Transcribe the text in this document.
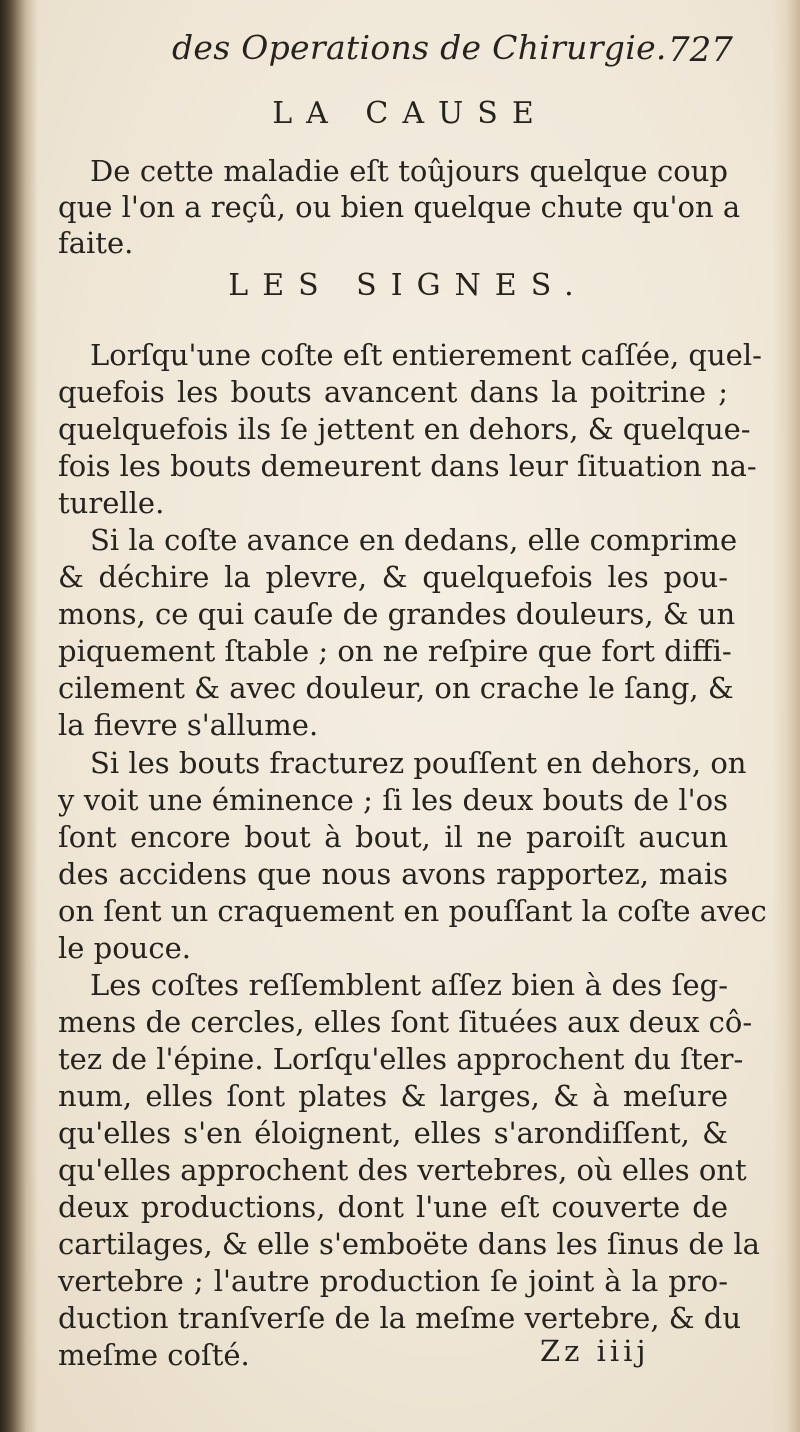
des Operations de Chirurgie. 727
LA CAUSE
De cette maladie eſt toûjours quelque coup
que l'on a reçû, ou bien quelque chute qu'on a
faite.
LES SIGNES.
Lorſqu'une coſte eſt entierement caſſée, quel-
quefois les bouts avancent dans la poitrine ;
quelquefois ils ſe jettent en dehors, & quelque-
fois les bouts demeurent dans leur ſituation na-
turelle.
Si la coſte avance en dedans, elle comprime
& déchire la plevre, & quelquefois les pou-
mons, ce qui cauſe de grandes douleurs, & un
piquement ſtable ; on ne reſpire que fort diffi-
cilement & avec douleur, on crache le ſang, &
la fievre s'allume.
Si les bouts fracturez pouſſent en dehors, on
y voit une éminence ; ſi les deux bouts de l'os
ſont encore bout à bout, il ne paroiſt aucun
des accidens que nous avons rapportez, mais
on ſent un craquement en pouſſant la coſte avec
le pouce.
Les coſtes reſſemblent aſſez bien à des ſeg-
mens de cercles, elles ſont ſituées aux deux cô-
tez de l'épine. Lorſqu'elles approchent du ſter-
num, elles ſont plates & larges, & à meſure
qu'elles s'en éloignent, elles s'arondiſſent, &
qu'elles approchent des vertebres, où elles ont
deux productions, dont l'une eſt couverte de
cartilages, & elle s'emboëte dans les ſinus de la
vertebre ; l'autre production ſe joint à la pro-
duction tranſverſe de la meſme vertebre, & du
meſme coſté.	Zz iiij
